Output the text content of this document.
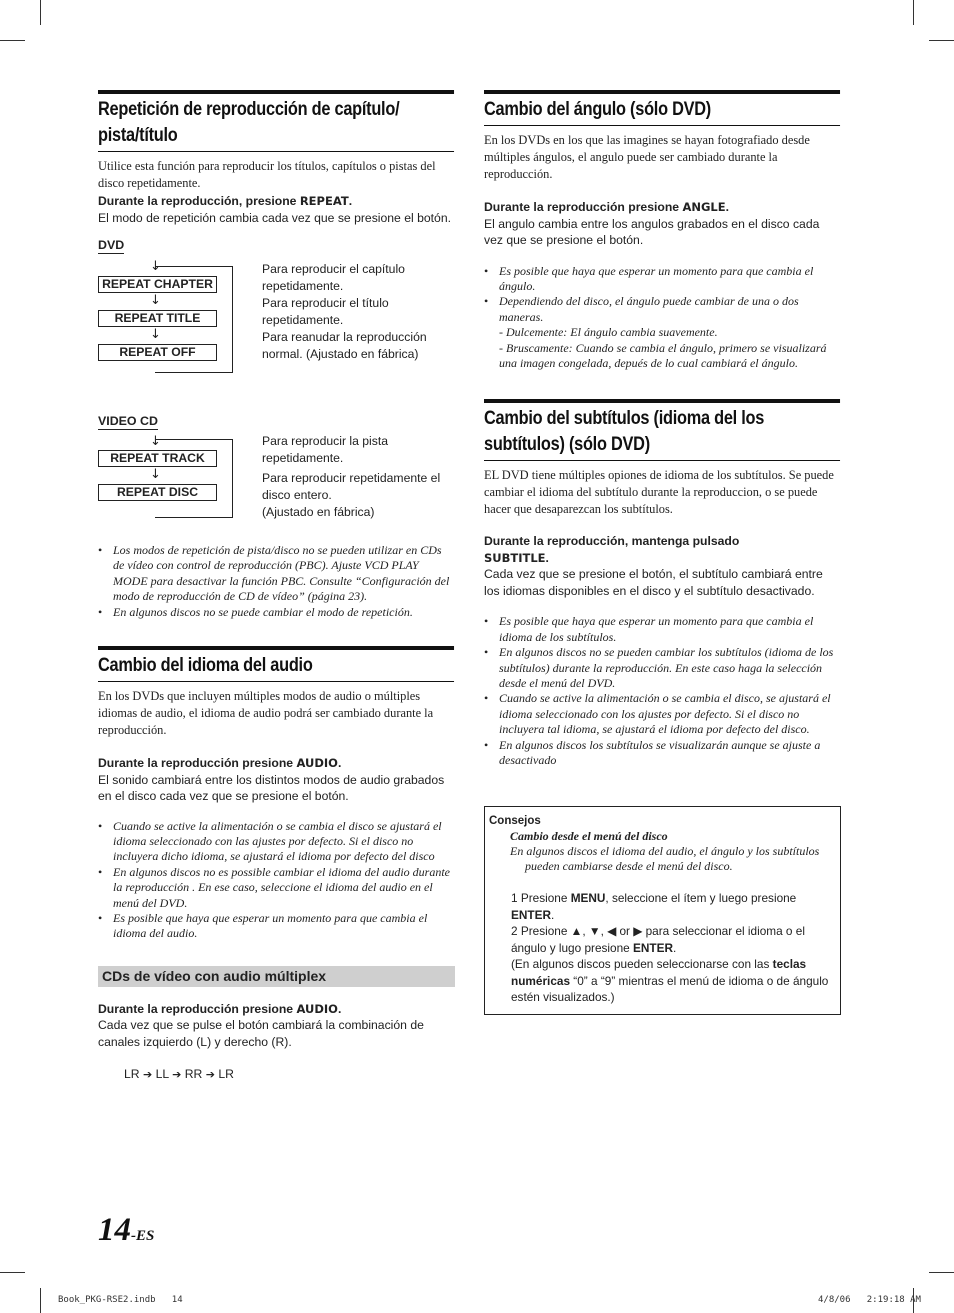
Repetición de reproducción de capítulo/
pista/título

Utilice esta función para reproducir los títulos, capítulos o pistas del disco repetidamente.

Durante la reproducción, presione REPEAT.

El modo de repetición cambia cada vez que se presione el botón.

DVD
↓
REPEAT CHAPTER
↓
REPEAT TITLE
↓
REPEAT OFF
Para reproducir el capítulo
repetidamente.
Para reproducir el título
repetidamente.
Para reanudar la reproducción
normal. (Ajustado en fábrica)
VIDEO CD
↓
REPEAT TRACK
↓
REPEAT DISC
Para reproducir la pista
repetidamente.
Para reproducir repetidamente el
disco entero.
(Ajustado en fábrica)
• Los modos de repetición de pista/disco no se pueden utilizar en CDs de vídeo con control de reproducción (PBC). Ajuste VCD PLAY MODE para desactivar la función PBC. Consulte “Configuración del modo de reproducción de CD de vídeo” (página 23).
• En algunos discos no se puede cambiar el modo de repetición.
Cambio del idioma del audio

En los DVDs que incluyen múltiples modos de audio o múltiples idiomas de audio, el idioma de audio podrá ser cambiado durante la reproducción.

Durante la reproducción presione AUDIO.

El sonido cambiará entre los distintos modos de audio grabados en el disco cada vez que se presione el botón.

• Cuando se active la alimentación o se cambia el disco se ajustará el idioma seleccionado con las ajustes por defecto. Si el disco no incluyera dicho idioma, se ajustará el idioma por defecto del disco
• En algunos discos no es possible cambiar el idioma del audio durante la reproducción . En ese caso, seleccione el idioma del audio en el menú del DVD.
• Es posible que haya que esperar un momento para que cambia el idioma del audio.
CDs de vídeo con audio múltiplex

Durante la reproducción presione AUDIO.

Cada vez que se pulse el botón cambiará la combinación de canales izquierdo (L) y derecho (R).

LR ➔ LL ➔ RR ➔ LR

Cambio del ángulo (sólo DVD)

En los DVDs en los que las imagines se hayan fotografiado desde múltiples ángulos, el angulo puede ser cambiado durante la reproducción.

Durante la reproducción presione ANGLE.

El angulo cambia entre los angulos grabados en el disco cada vez que se presione el botón.

• Es posible que haya que esperar un momento para que cambia el ángulo.
• Dependiendo del disco, el ángulo puede cambiar de una o dos maneras.
- Dulcemente: El ángulo cambia suavemente.
- Bruscamente: Cuando se cambia el ángulo, primero se visualizará una imagen congelada, depués de lo cual cambiará el ángulo.
Cambio del subtítulos (idioma del los
subtítulos) (sólo DVD)

EL DVD tiene múltiples opiones de idioma de los subtítulos. Se puede cambiar el idioma del subtítulo durante la reproduccion, o se puede hacer que desaparezcan los subtítulos.

Durante la reproducción, mantenga pulsado
SUBTITLE.

Cada vez que se presione el botón, el subtítulo cambiará entre los idiomas disponibles en el disco y el subtítulo desactivado.

• Es posible que haya que esperar un momento para que cambia el idioma de los subtítulos.
• En algunos discos no se pueden cambiar los subtítulos (idioma de los subtítulos) durante la reproducción. En este caso haga la selección desde el menú del DVD.
• Cuando se active la alimentación o se cambia el disco, se ajustará el idioma seleccionado con los ajustes por defecto. Si el disco no incluyera tal idioma, se ajustará el idioma por defecto del disco.
• En algunos discos los subtítulos se visualizarán aunque se ajuste a desactivado
Consejos
Cambio desde el menú del disco
En algunos discos el idioma del audio, el ángulo y los subtítulos pueden cambiarse desde el menú del disco.

1 Presione MENU, seleccione el ítem y luego presione ENTER.

2 Presione ▲, ▼, ◀ or ▶ para seleccionar el idioma o el ángulo y lugo presione ENTER.

(En algunos discos pueden seleccionarse con las teclas numéricas “0” a “9” mientras el menú de idioma o de ángulo estén visualizados.)

14-ES
Book_PKG-RSE2.indb   14	4/8/06   2:19:18 AM
